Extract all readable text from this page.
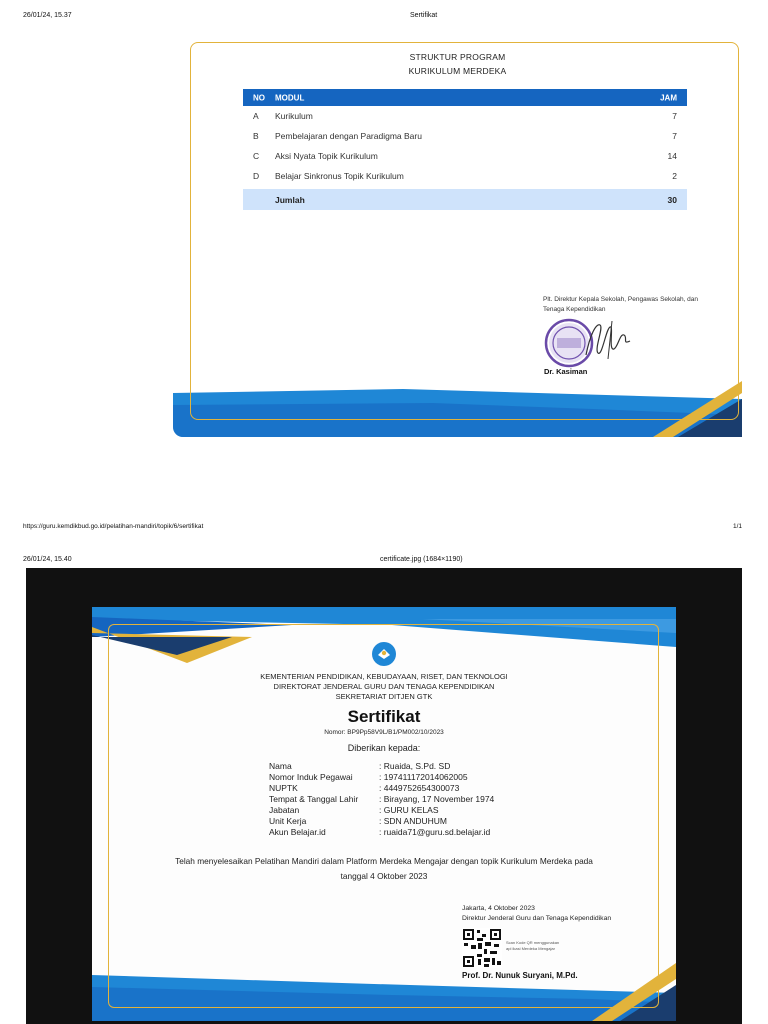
26/01/24, 15.37	Sertifikat
STRUKTUR PROGRAM
KURIKULUM MERDEKA
NO MODUL	JAM
A Kurikulum	7
B Pembelajaran dengan Paradigma Baru	7
C Aksi Nyata Topik Kurikulum	14
D Belajar Sinkronus Topik Kurikulum	2
Jumlah	30
Plt. Direktur Kepala Sekolah, Pengawas Sekolah, dan
Tenaga Kependidikan
Dr. Kasiman
https://guru.kemdikbud.go.id/pelatihan-mandiri/topik/6/sertifikat	1/1
26/01/24, 15.40	certificate.jpg (1684×1190)
KEMENTERIAN PENDIDIKAN, KEBUDAYAAN, RISET, DAN TEKNOLOGI
DIREKTORAT JENDERAL GURU DAN TENAGA KEPENDIDIKAN
SEKRETARIAT DITJEN GTK
Sertifikat
Nomor: BP9Pp58V9L/B1/PM002/10/2023
Diberikan kepada:
Nama	: Ruaida, S.Pd. SD
Nomor Induk Pegawai	: 197411172014062005
NUPTK	: 4449752654300073
Tempat & Tanggal Lahir : Birayang, 17 November 1974
Jabatan	: GURU KELAS
Unit Kerja	: SDN ANDUHUM
Akun Belajar.id	: ruaida71@guru.sd.belajar.id
Telah menyelesaikan Pelatihan Mandiri dalam Platform Merdeka Mengajar dengan topik Kurikulum Merdeka pada
tanggal 4 Oktober 2023
Jakarta, 4 Oktober 2023
Direktur Jenderal Guru dan Tenaga Kependidikan
Scan Kode QR menggunakan
apl ikasi Merdeka Mengajar
Prof. Dr. Nunuk Suryani, M.Pd.
